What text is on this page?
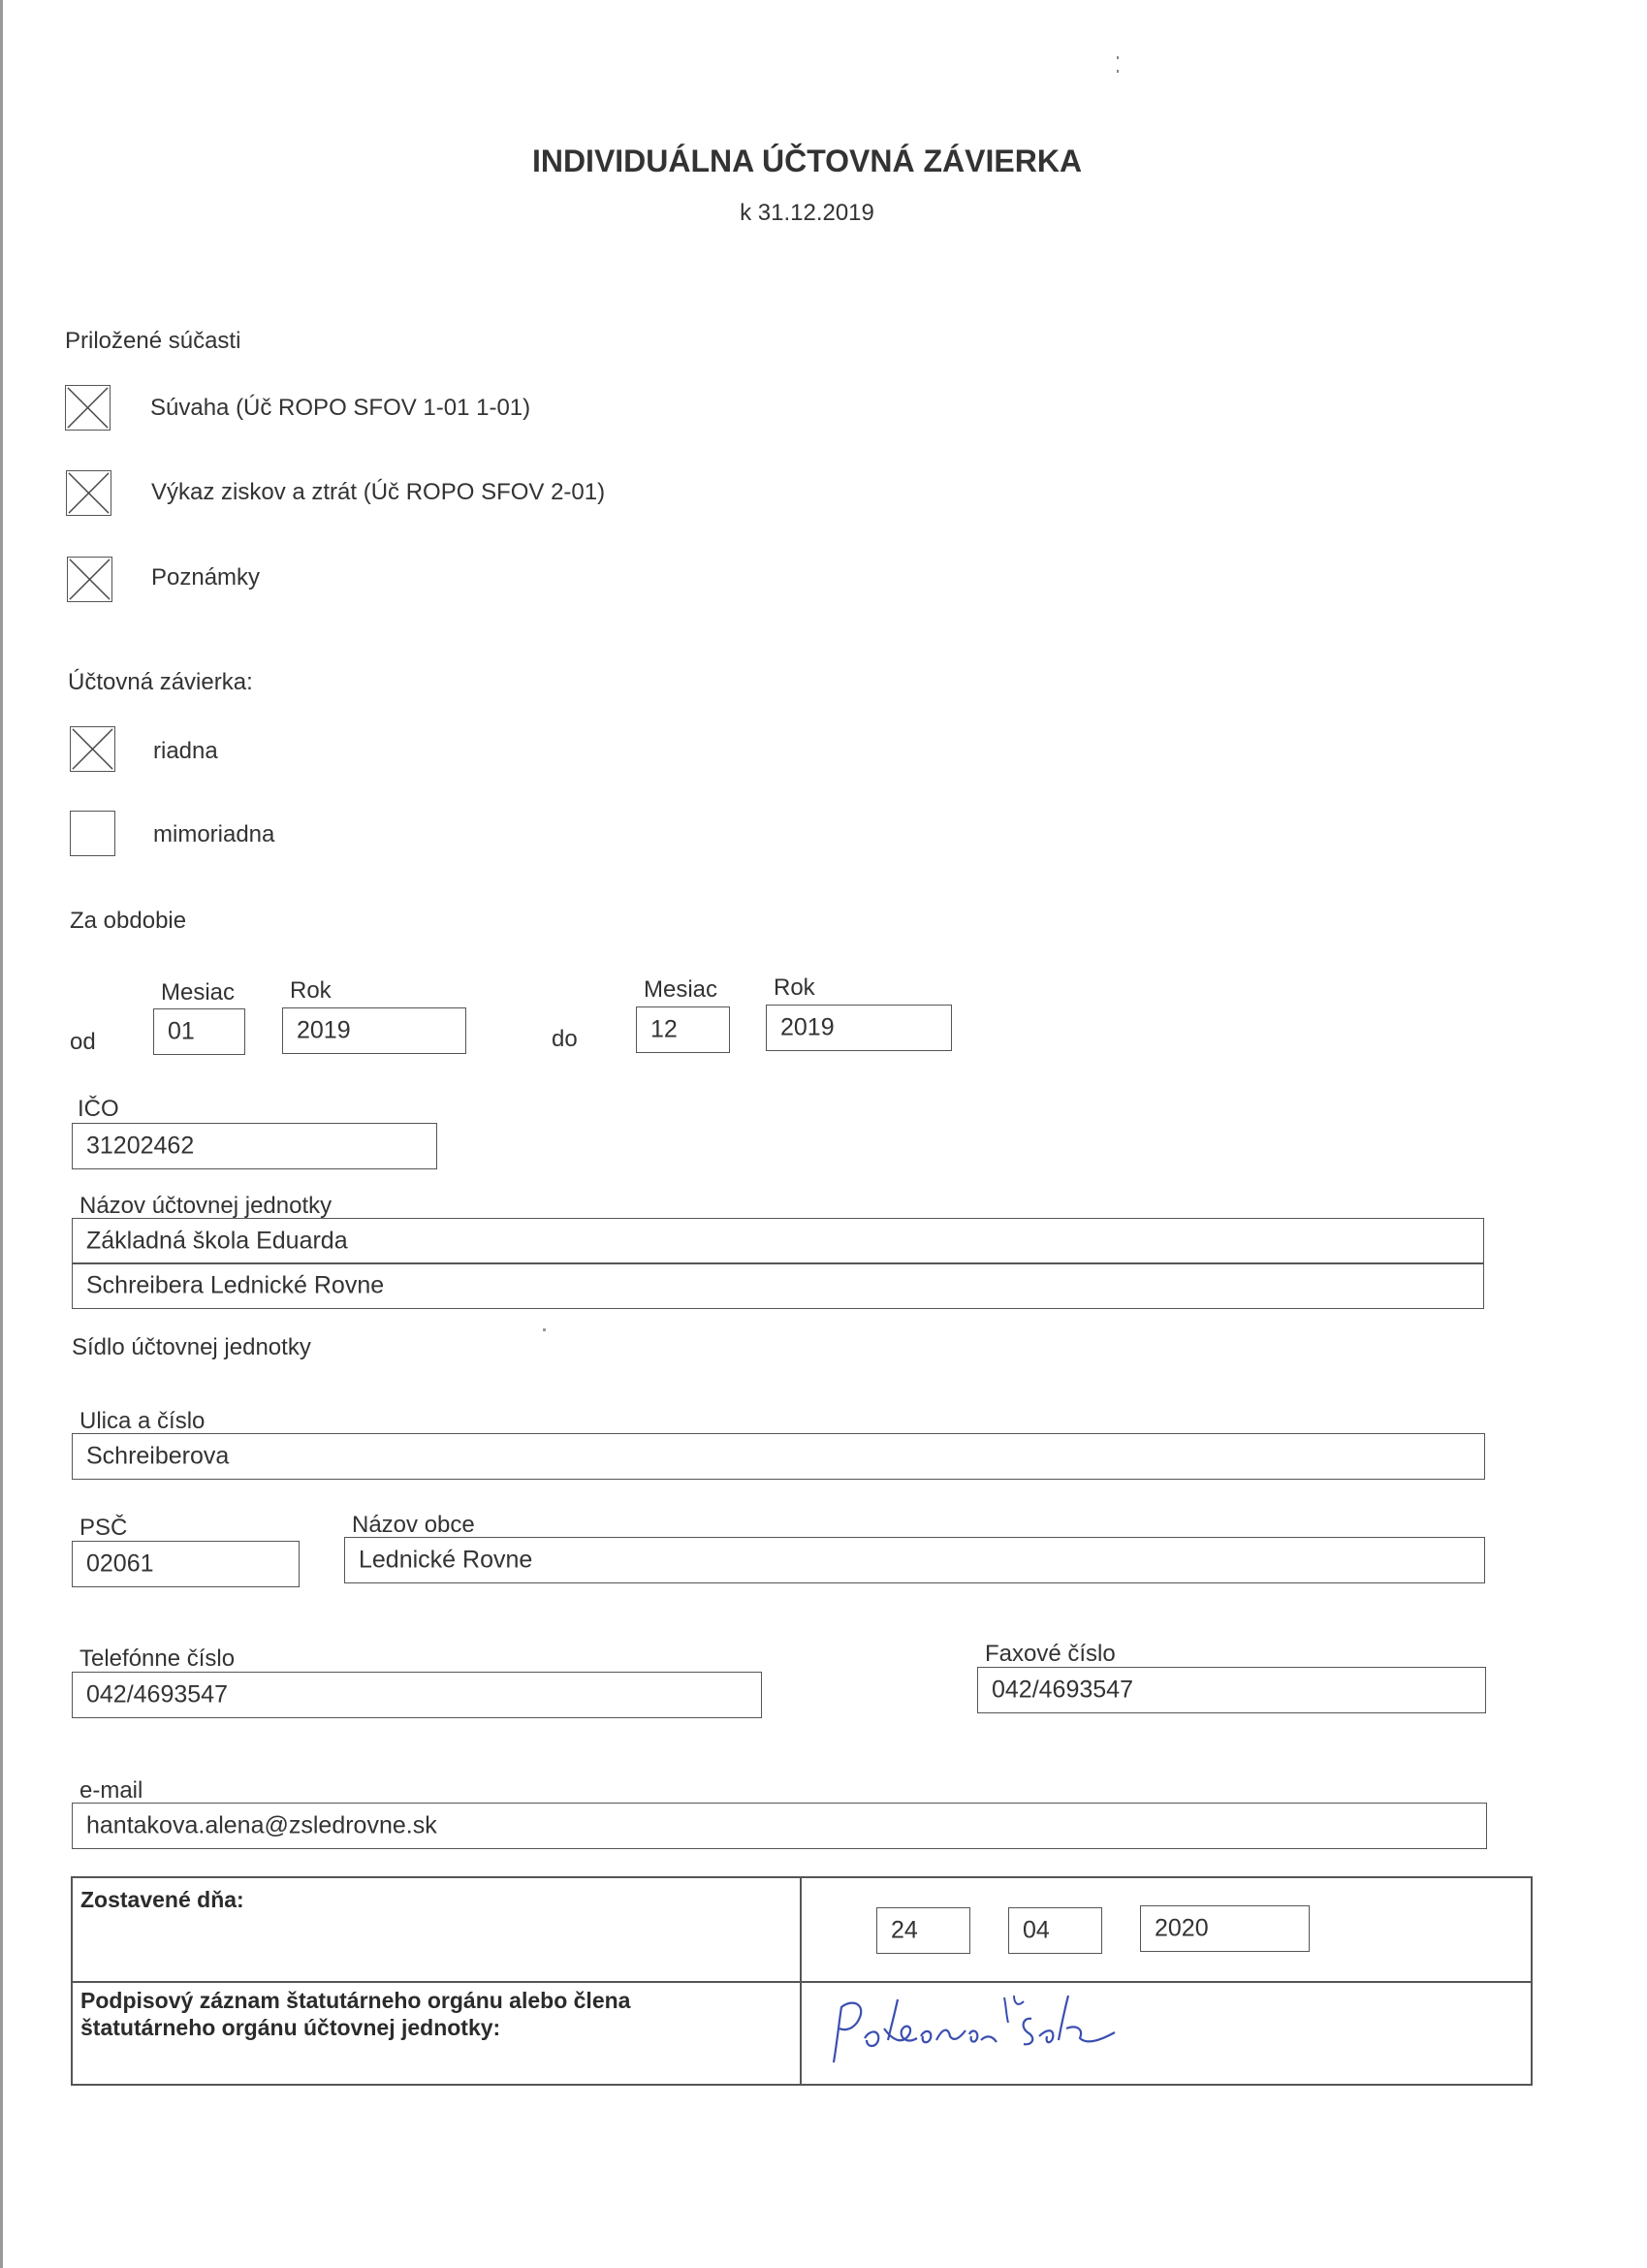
INDIVIDUÁLNA ÚČTOVNÁ ZÁVIERKA
k 31.12.2019
Priložené súčasti
Súvaha (Úč ROPO SFOV 1-01 1-01)
Výkaz ziskov a ztrát (Úč ROPO SFOV 2-01)
Poznámky
Účtovná závierka:
riadna
mimoriadna
Za obdobie
Mesiac Rok
od	01	2019
Mesiac Rok
do	12	2019
IČO
31202462
Názov účtovnej jednotky
Základná škola Eduarda
Schreibera Lednické Rovne
Sídlo účtovnej jednotky
Ulica a číslo
Schreiberova
PSČ
02061
Názov obce
Lednické Rovne
Telefónne číslo
042/4693547
Faxové číslo
042/4693547
e-mail
hantakova.alena@zsledrovne.sk
Zostavené dňa:
24	04	2020
Podpisový záznam štatutárneho orgánu alebo člena štatutárneho orgánu účtovnej jednotky:
